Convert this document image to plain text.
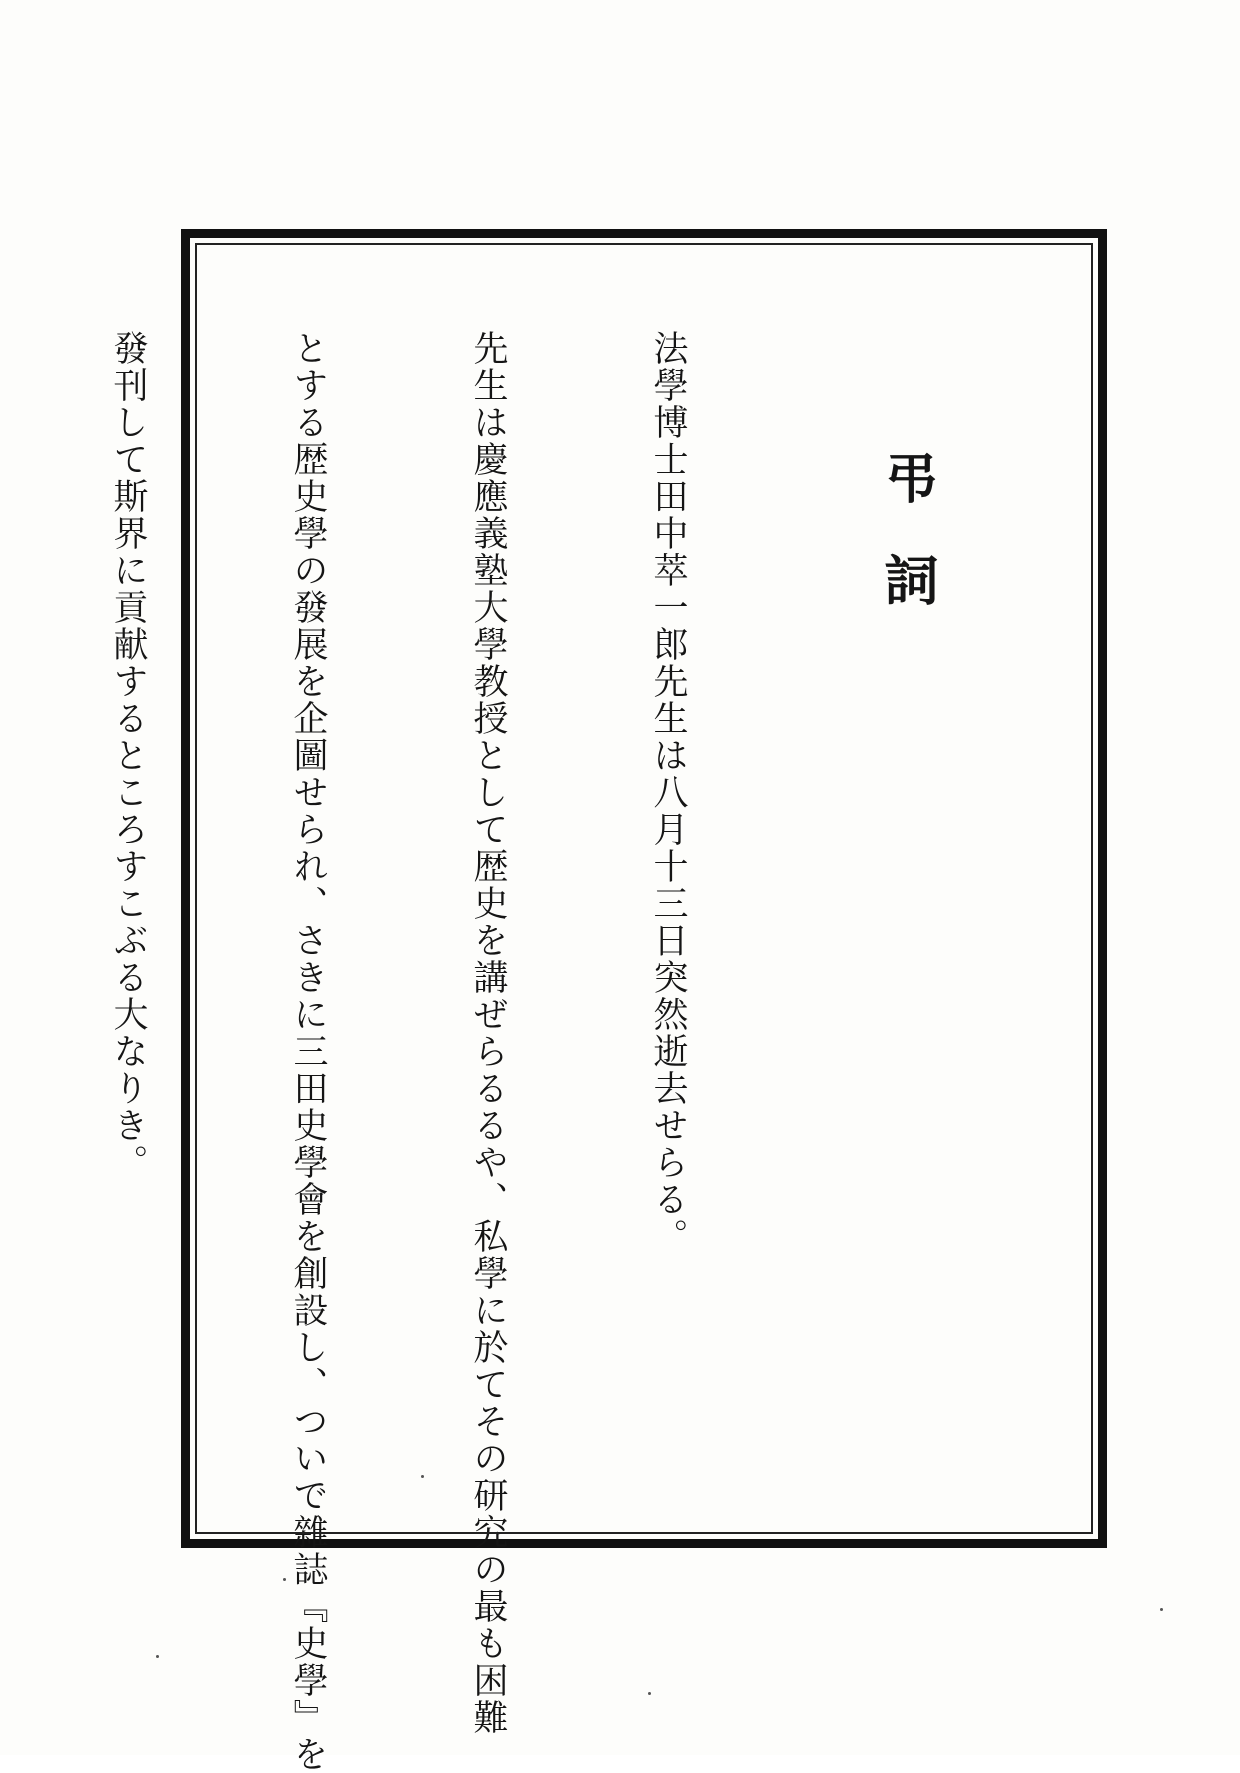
弔詞

法學博士田中萃一郎先生は八月十三日突然逝去せらる。

先生は慶應義塾大學教授として歴史を講ぜらるるや、私學に於てその研究の最も困難

とする歴史學の發展を企圖せられ、さきに三田史學會を創設し、ついで雜誌『史學』を

發刊して斯界に貢献するところすこぶる大なりき。
